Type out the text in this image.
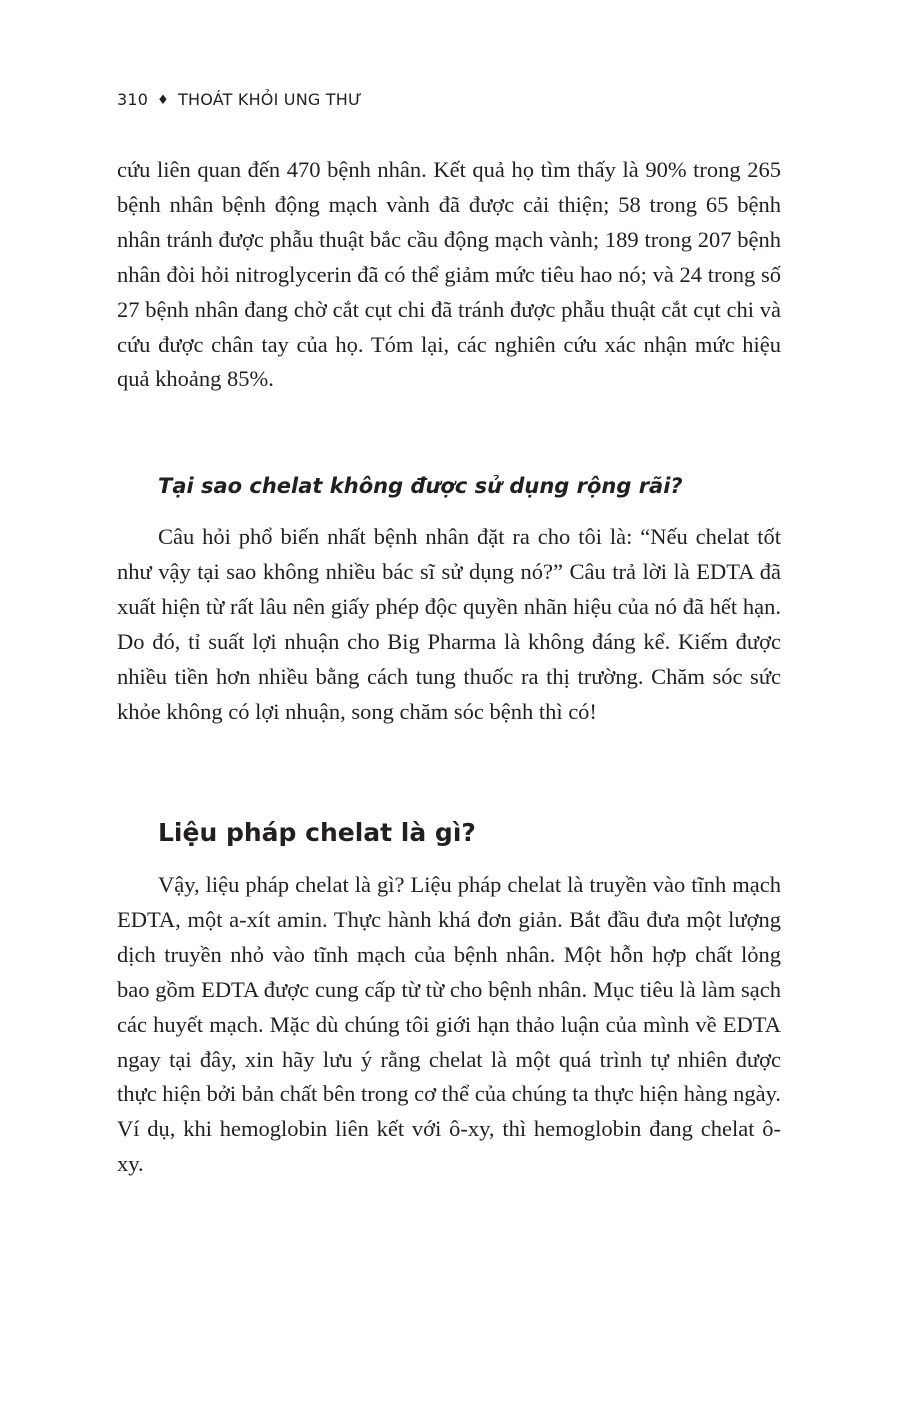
310 ♦ THOÁT KHỎI UNG THƯ

cứu liên quan đến 470 bệnh nhân. Kết quả họ tìm thấy là 90% trong 265 bệnh nhân bệnh động mạch vành đã được cải thiện; 58 trong 65 bệnh nhân tránh được phẫu thuật bắc cầu động mạch vành; 189 trong 207 bệnh nhân đòi hỏi nitroglycerin đã có thể giảm mức tiêu hao nó; và 24 trong số 27 bệnh nhân đang chờ cắt cụt chi đã tránh được phẫu thuật cắt cụt chi và cứu được chân tay của họ. Tóm lại, các nghiên cứu xác nhận mức hiệu quả khoảng 85%.

Tại sao chelat không được sử dụng rộng rãi?

Câu hỏi phổ biến nhất bệnh nhân đặt ra cho tôi là: “Nếu chelat tốt như vậy tại sao không nhiều bác sĩ sử dụng nó?” Câu trả lời là EDTA đã xuất hiện từ rất lâu nên giấy phép độc quyền nhãn hiệu của nó đã hết hạn. Do đó, tỉ suất lợi nhuận cho Big Pharma là không đáng kể. Kiếm được nhiều tiền hơn nhiều bằng cách tung thuốc ra thị trường. Chăm sóc sức khỏe không có lợi nhuận, song chăm sóc bệnh thì có!

Liệu pháp chelat là gì?

Vậy, liệu pháp chelat là gì? Liệu pháp chelat là truyền vào tĩnh mạch EDTA, một a-xít amin. Thực hành khá đơn giản. Bắt đầu đưa một lượng dịch truyền nhỏ vào tĩnh mạch của bệnh nhân. Một hỗn hợp chất lỏng bao gồm EDTA được cung cấp từ từ cho bệnh nhân. Mục tiêu là làm sạch các huyết mạch. Mặc dù chúng tôi giới hạn thảo luận của mình về EDTA ngay tại đây, xin hãy lưu ý rằng chelat là một quá trình tự nhiên được thực hiện bởi bản chất bên trong cơ thể của chúng ta thực hiện hàng ngày. Ví dụ, khi hemoglobin liên kết với ô-xy, thì hemoglobin đang chelat ô-xy.
